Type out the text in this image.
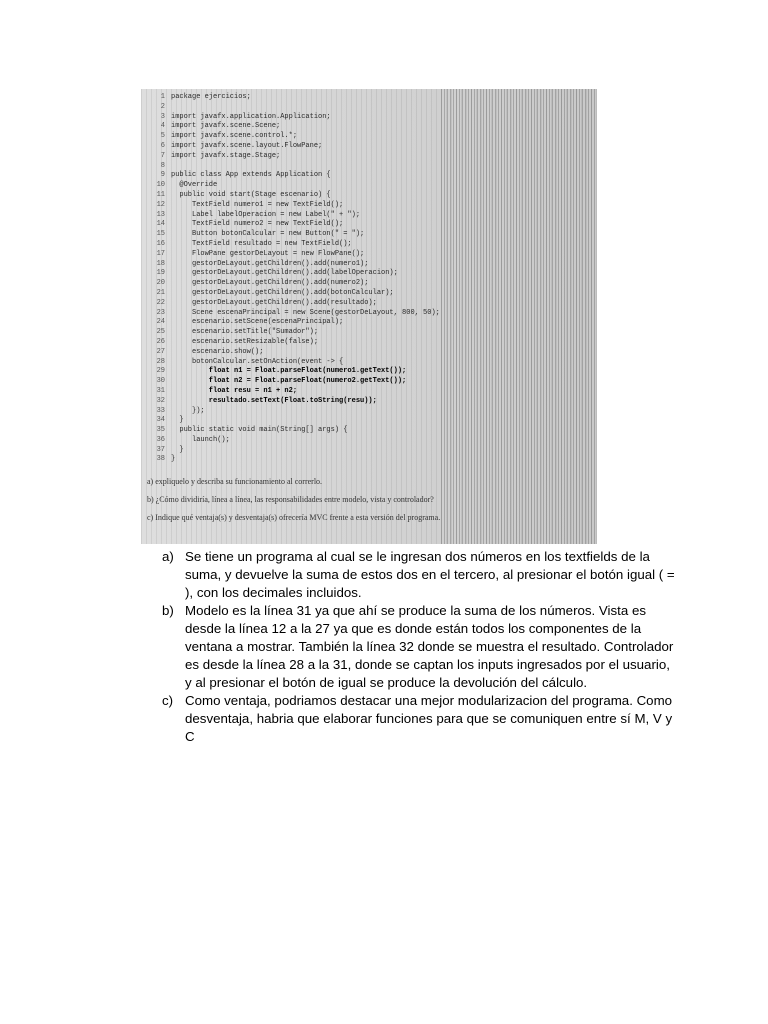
1 package ejercicios;
2
3 import javafx.application.Application;
4 import javafx.scene.Scene;
5 import javafx.scene.control.*;
6 import javafx.scene.layout.FlowPane;
7 import javafx.stage.Stage;
8
9 public class App extends Application {
10 @Override
11 public void start(Stage escenario) {
12 TextField numero1 = new TextField();
13 Label labelOperacion = new Label(" + ");
14 TextField numero2 = new TextField();
15 Button botonCalcular = new Button(" = ");
16 TextField resultado = new TextField();
17 FlowPane gestorDeLayout = new FlowPane();
18 gestorDeLayout.getChildren().add(numero1);
19 gestorDeLayout.getChildren().add(labelOperacion);
20 gestorDeLayout.getChildren().add(numero2);
21 gestorDeLayout.getChildren().add(botonCalcular);
22 gestorDeLayout.getChildren().add(resultado);
23 Scene escenaPrincipal = new Scene(gestorDeLayout, 800, 50);
24 escenario.setScene(escenaPrincipal);
25 escenario.setTitle("Sumador");
26 escenario.setResizable(false);
27 escenario.show();
28 botonCalcular.setOnAction(event -> {
29 float n1 = Float.parseFloat(numero1.getText());
30 float n2 = Float.parseFloat(numero2.getText());
31 float resu = n1 + n2;
32 resultado.setText(Float.toString(resu));
33 });
34 }
35 public static void main(String[] args) {
36 launch();
37 }
38 }
a) expliquelo y describa su funcionamiento al correrlo.
b) ¿Cómo dividiría, línea a línea, las responsabilidades entre modelo, vista y controlador?
c) Indique qué ventaja(s) y desventaja(s) ofrecería MVC frente a esta versión del programa.
a) Se tiene un programa al cual se le ingresan dos números en los textfields de la suma, y devuelve la suma de estos dos en el tercero, al presionar el botón igual ( = ), con los decimales incluidos.
b) Modelo es la línea 31 ya que ahí se produce la suma de los números. Vista es desde la línea 12 a la 27 ya que es donde están todos los componentes de la ventana a mostrar. También la línea 32 donde se muestra el resultado. Controlador es desde la línea 28 a la 31, donde se captan los inputs ingresados por el usuario, y al presionar el botón de igual se produce la devolución del cálculo.
c) Como ventaja, podriamos destacar una mejor modularizacion del programa. Como desventaja, habria que elaborar funciones para que se comuniquen entre sí M, V y C
